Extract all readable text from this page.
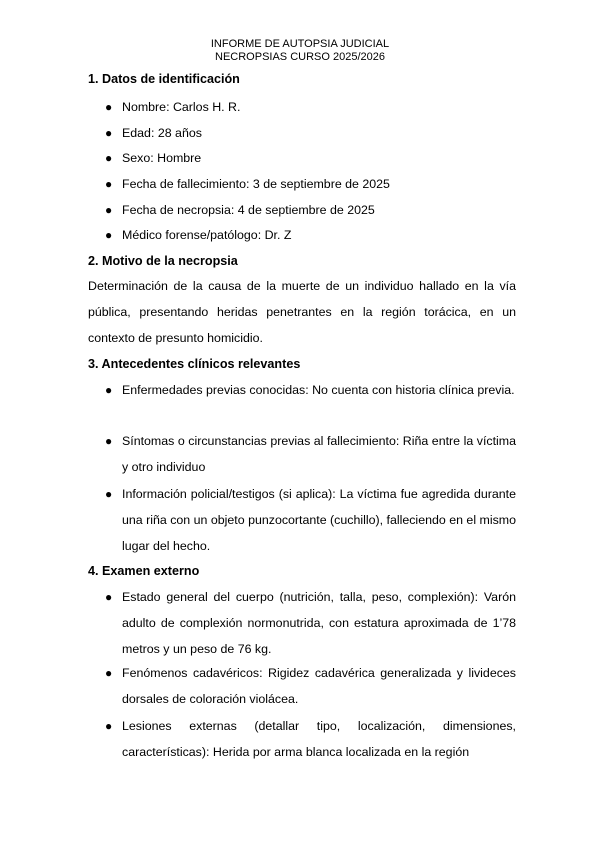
INFORME DE AUTOPSIA JUDICIAL
NECROPSIAS CURSO 2025/2026
1. Datos de identificación
● Nombre: Carlos H. R.
● Edad: 28 años
● Sexo: Hombre
● Fecha de fallecimiento: 3 de septiembre de 2025
● Fecha de necropsia: 4 de septiembre de 2025
● Médico forense/patólogo: Dr. Z
2. Motivo de la necropsia
Determinación de la causa de la muerte de un individuo hallado en la vía pública, presentando heridas penetrantes en la región torácica, en un contexto de presunto homicidio.
3. Antecedentes clínicos relevantes
● Enfermedades previas conocidas: No cuenta con historia clínica previa.
● Síntomas o circunstancias previas al fallecimiento: Riña entre la víctima y otro individuo
● Información policial/testigos (si aplica): La víctima fue agredida durante una riña con un objeto punzocortante (cuchillo), falleciendo en el mismo lugar del hecho.
4. Examen externo
● Estado general del cuerpo (nutrición, talla, peso, complexión): Varón adulto de complexión normonutrida, con estatura aproximada de 1’78 metros y un peso de 76 kg.
● Fenómenos cadavéricos: Rigidez cadavérica generalizada y livideces dorsales de coloración violácea.
● Lesiones externas (detallar tipo, localización, dimensiones, características): Herida por arma blanca localizada en la región
